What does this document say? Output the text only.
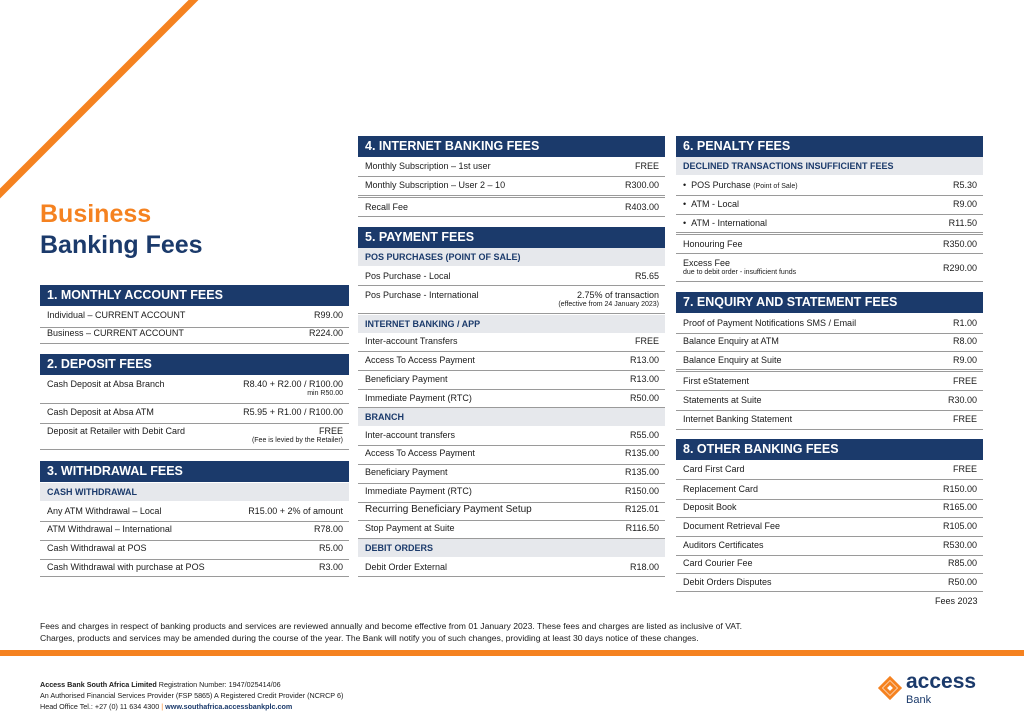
Business
Banking Fees
1. MONTHLY ACCOUNT FEES
Individual – CURRENT ACCOUNT	R99.00
Business – CURRENT ACCOUNT	R224.00
2. DEPOSIT FEES
Cash Deposit at Absa Branch	R8.40 + R2.00 / R100.00
min R50.00
Cash Deposit at Absa ATM	R5.95 + R1.00 / R100.00
Deposit at Retailer with Debit Card	FREE
(Fee is levied by the Retailer)
3. WITHDRAWAL FEES
CASH WITHDRAWAL
Any ATM Withdrawal – Local	R15.00 + 2% of amount
ATM Withdrawal – International	R78.00
Cash Withdrawal at POS	R5.00
Cash Withdrawal with purchase at POS	R3.00
4. INTERNET BANKING FEES
Monthly Subscription – 1st user	FREE
Monthly Subscription – User 2 – 10	R300.00
Recall Fee	R403.00
5. PAYMENT FEES
POS PURCHASES (POINT OF SALE)
Pos Purchase - Local	R5.65
Pos Purchase - International	2.75% of transaction
(effective from 24 January 2023)
INTERNET BANKING / APP
Inter-account Transfers	FREE
Access To Access Payment	R13.00
Beneficiary Payment	R13.00
Immediate Payment (RTC)	R50.00
BRANCH
Inter-account transfers	R55.00
Access To Access Payment	R135.00
Beneficiary Payment	R135.00
Immediate Payment (RTC)	R150.00
Recurring Beneficiary Payment Setup	R125.01
Stop Payment at Suite	R116.50
DEBIT ORDERS
Debit Order External	R18.00
6. PENALTY FEES
DECLINED TRANSACTIONS INSUFFICIENT FEES
•  POS Purchase (Point of Sale)	R5.30
•  ATM - Local	R9.00
•  ATM - International	R11.50
Honouring Fee	R350.00
Excess Fee
due to debit order - insufficient funds	R290.00
7. ENQUIRY AND STATEMENT FEES
Proof of Payment Notifications SMS / Email	R1.00
Balance Enquiry at ATM	R8.00
Balance Enquiry at Suite	R9.00
First eStatement	FREE
Statements at Suite	R30.00
Internet Banking Statement	FREE
8. OTHER BANKING FEES
Card First Card	FREE
Replacement Card	R150.00
Deposit Book	R165.00
Document Retrieval Fee	R105.00
Auditors Certificates	R530.00
Card Courier Fee	R85.00
Debit Orders Disputes	R50.00
Fees 2023
Fees and charges in respect of banking products and services are reviewed annually and become effective from 01 January 2023. These fees and charges are listed as inclusive of VAT.
Charges, products and services may be amended during the course of the year. The Bank will notify you of such changes, providing at least 30 days notice of these changes.
Access Bank South Africa Limited Registration Number: 1947/025414/06
An Authorised Financial Services Provider (FSP 5865) A Registered Credit Provider (NCRCP 6)
Head Office Tel.: +27 (0) 11 634 4300 | www.southafrica.accessbankplc.com
access
Bank
